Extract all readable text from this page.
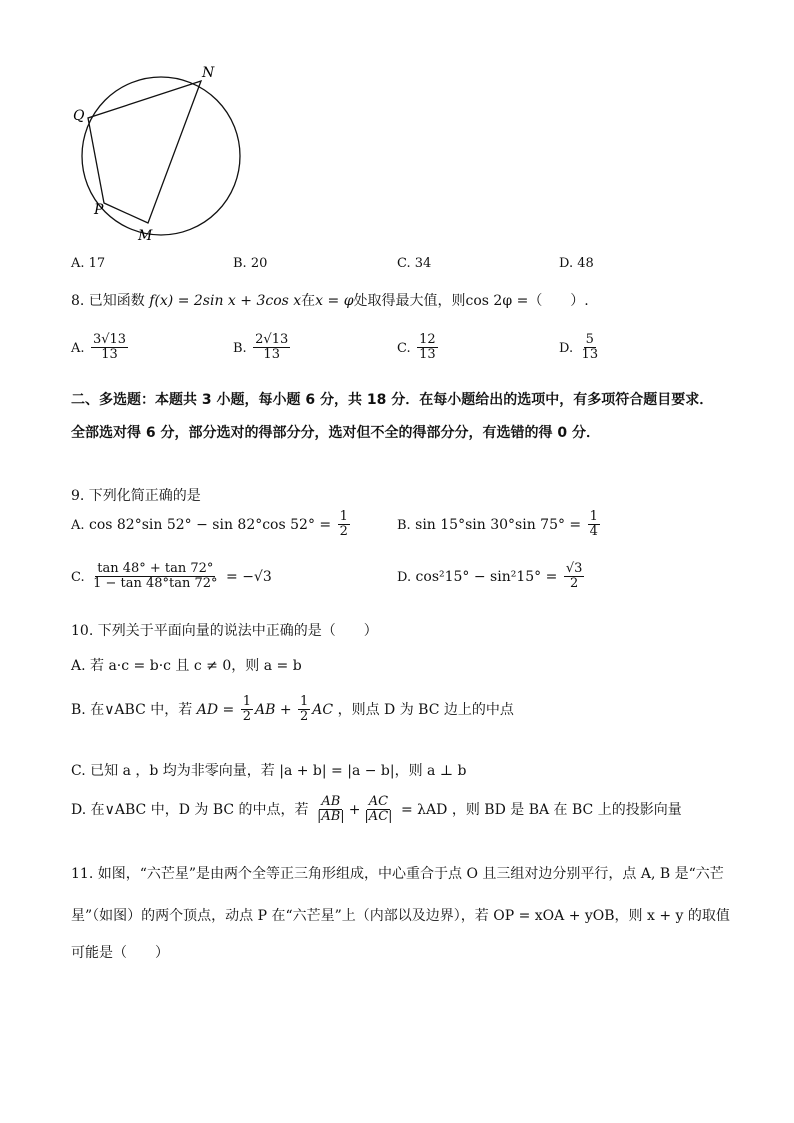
N
Q
P
M
A. 17	B. 20	C. 34	D. 48
8. 已知函数 f(x) = 2sin x + 3cos x在x = φ处取得最大值，则cos 2φ =（　　）.
A. $\frac{3√13}{13}$	B. $\frac{2√13}{13}$	C. $\frac{12}{13}$	D. $\frac{5}{13}$
二、多选题：本题共 3 小题，每小题 6 分，共 18 分．在每小题给出的选项中，有多项符合题目要求．全部选对得 6 分，部分选对的得部分分，选对但不全的得部分分，有选错的得 0 分．
9. 下列化简正确的是
A. cos 82°sin 52° − sin 82°cos $52^\circ = \frac{1}{2}$	B. sin 15°sin 30°sin $75^\circ = \frac{1}{4}$
C. $\frac{\tan 48^\circ + \tan 72^\circ}{1 - \tan 48^\circ\tan 72^\circ} = -√3$	D. $\cos^215^\circ - \sin^215^\circ = \frac{√3}{2}$
10. 下列关于平面向量的说法中正确的是（　　）
A. 若 a·c = b·c 且 c ≠ 0，则 a = b
B. 在∨ABC 中，若 AD = $\frac{1}{2}$ AB + $\frac{1}{2}$ AC ，则点 D 为 BC 边上的中点
C. 已知 a ，b 均为非零向量，若 |a + b| = |a − b|，则 a ⊥ b
D. 在∨ABC 中，D 为 BC 的中点，若 $\frac{AB}{|AB|} + \frac{AC}{|AC|} = \lambda AD$ ，则 BD 是 BA 在 BC 上的投影向量
11. 如图，“六芒星”是由两个全等正三角形组成，中心重合于点 O 且三组对边分别平行，点 A, B 是“六芒
星”（如图）的两个顶点，动点 P 在“六芒星”上（内部以及边界），若 OP = xOA + yOB，则 x + y 的取值
可能是（　　）
